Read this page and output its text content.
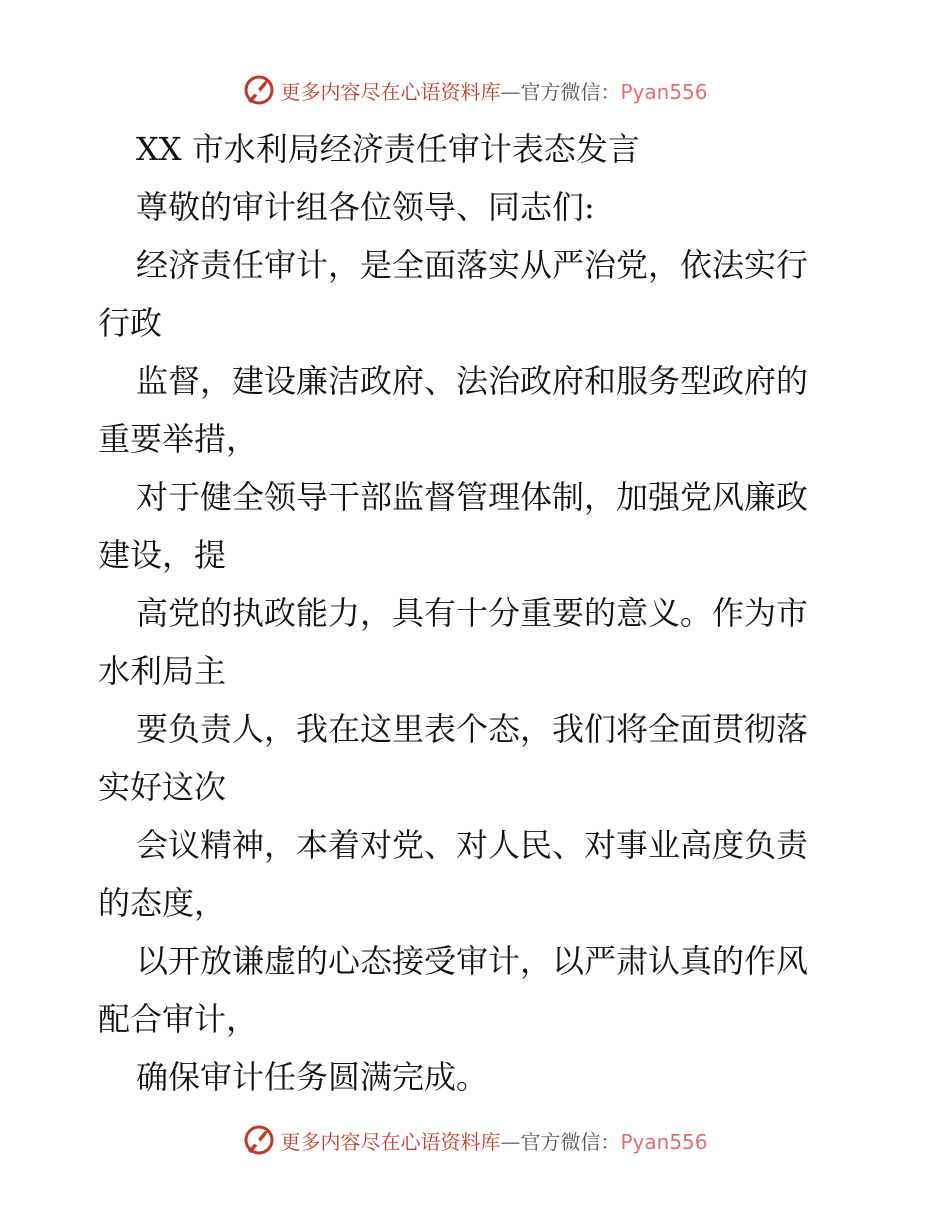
更多内容尽在心语资料库—官方微信：Pyan556

XX 市水利局经济责任审计表态发言

尊敬的审计组各位领导、同志们:

经济责任审计，是全面落实从严治党，依法实行

行政

监督，建设廉洁政府、法治政府和服务型政府的

重要举措，

对于健全领导干部监督管理体制，加强党风廉政

建设，提

高党的执政能力，具有十分重要的意义。作为市

水利局主

要负责人，我在这里表个态，我们将全面贯彻落

实好这次

会议精神，本着对党、对人民、对事业高度负责

的态度，

以开放谦虚的心态接受审计，以严肃认真的作风

配合审计，

确保审计任务圆满完成。

更多内容尽在心语资料库—官方微信：Pyan556
